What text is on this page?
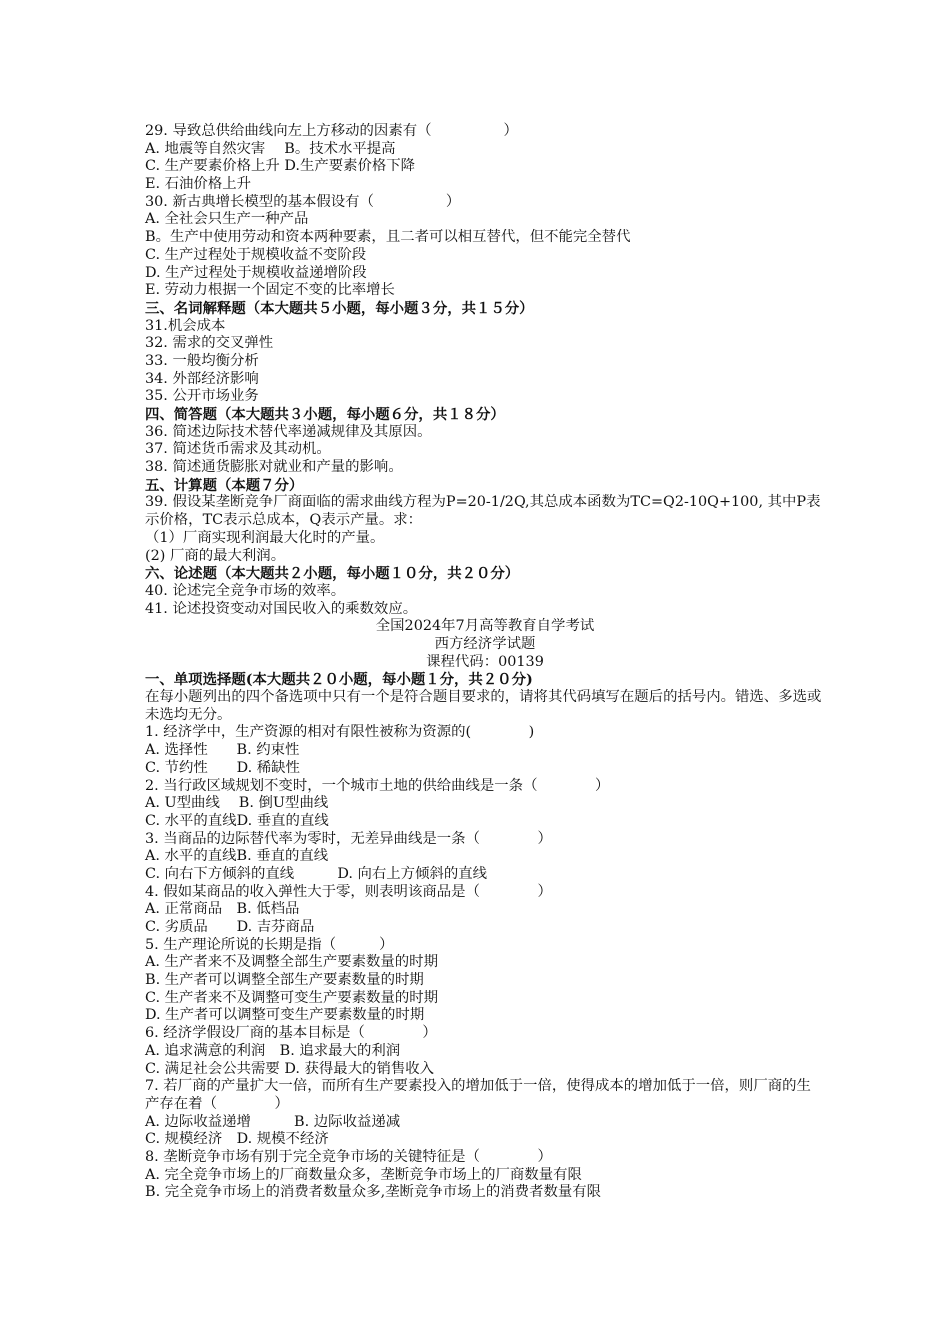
29. 导致总供给曲线向左上方移动的因素有（　　　　　）
A. 地震等自然灾害　 B。技术水平提高
C. 生产要素价格上升 D.生产要素价格下降
E. 石油价格上升
30. 新古典增长模型的基本假设有（　　　　　）
A. 全社会只生产一种产品
B。生产中使用劳动和资本两种要素，且二者可以相互替代，但不能完全替代
C. 生产过程处于规模收益不变阶段
D. 生产过程处于规模收益递增阶段
E. 劳动力根据一个固定不变的比率增长
三、名词解释题（本大题共５小题，每小题３分，共１５分）
31.机会成本
32. 需求的交叉弹性
33. 一般均衡分析
34. 外部经济影响
35. 公开市场业务
四、简答题（本大题共３小题，每小题６分，共１８分）
36. 简述边际技术替代率递减规律及其原因。
37. 简述货币需求及其动机。
38. 简述通货膨胀对就业和产量的影响。
五、计算题（本题７分）
39. 假设某垄断竞争厂商面临的需求曲线方程为P=20-1/2Q,其总成本函数为TC=Q2-10Q+100, 其中P表示价格，TC表示总成本，Q表示产量。求：
（1）厂商实现利润最大化时的产量。
(2) 厂商的最大利润。
六、论述题（本大题共２小题，每小题１０分，共２０分）
40. 论述完全竞争市场的效率。
41. 论述投资变动对国民收入的乘数效应。
全国2024年7月高等教育自学考试
西方经济学试题
课程代码：00139
一、单项选择题(本大题共２０小题，每小题１分，共２０分)
在每小题列出的四个备选项中只有一个是符合题目要求的，请将其代码填写在题后的括号内。错选、多选或未选均无分。
1. 经济学中，生产资源的相对有限性被称为资源的(　　　　)
A. 选择性　　B. 约束性
C. 节约性　　D. 稀缺性
2. 当行政区域规划不变时，一个城市土地的供给曲线是一条（　　　　）
A. U型曲线　 B. 倒U型曲线
C. 水平的直线D. 垂直的直线
3. 当商品的边际替代率为零时，无差异曲线是一条（　　　　）
A. 水平的直线B. 垂直的直线
C. 向右下方倾斜的直线　　　D. 向右上方倾斜的直线
4. 假如某商品的收入弹性大于零，则表明该商品是（　　　　）
A. 正常商品　B. 低档品
C. 劣质品　　D. 吉芬商品
5. 生产理论所说的长期是指（　　　）
A. 生产者来不及调整全部生产要素数量的时期
B. 生产者可以调整全部生产要素数量的时期
C. 生产者来不及调整可变生产要素数量的时期
D. 生产者可以调整可变生产要素数量的时期
6. 经济学假设厂商的基本目标是（　　　　）
A. 追求满意的利润　B. 追求最大的利润
C. 满足社会公共需要 D. 获得最大的销售收入
7. 若厂商的产量扩大一倍，而所有生产要素投入的增加低于一倍，使得成本的增加低于一倍，则厂商的生产存在着（　　　　）
A. 边际收益递增　　　B. 边际收益递减
C. 规模经济　D. 规模不经济
8. 垄断竞争市场有别于完全竞争市场的关键特征是（　　　　）
A. 完全竞争市场上的厂商数量众多，垄断竞争市场上的厂商数量有限
B. 完全竞争市场上的消费者数量众多,垄断竞争市场上的消费者数量有限
